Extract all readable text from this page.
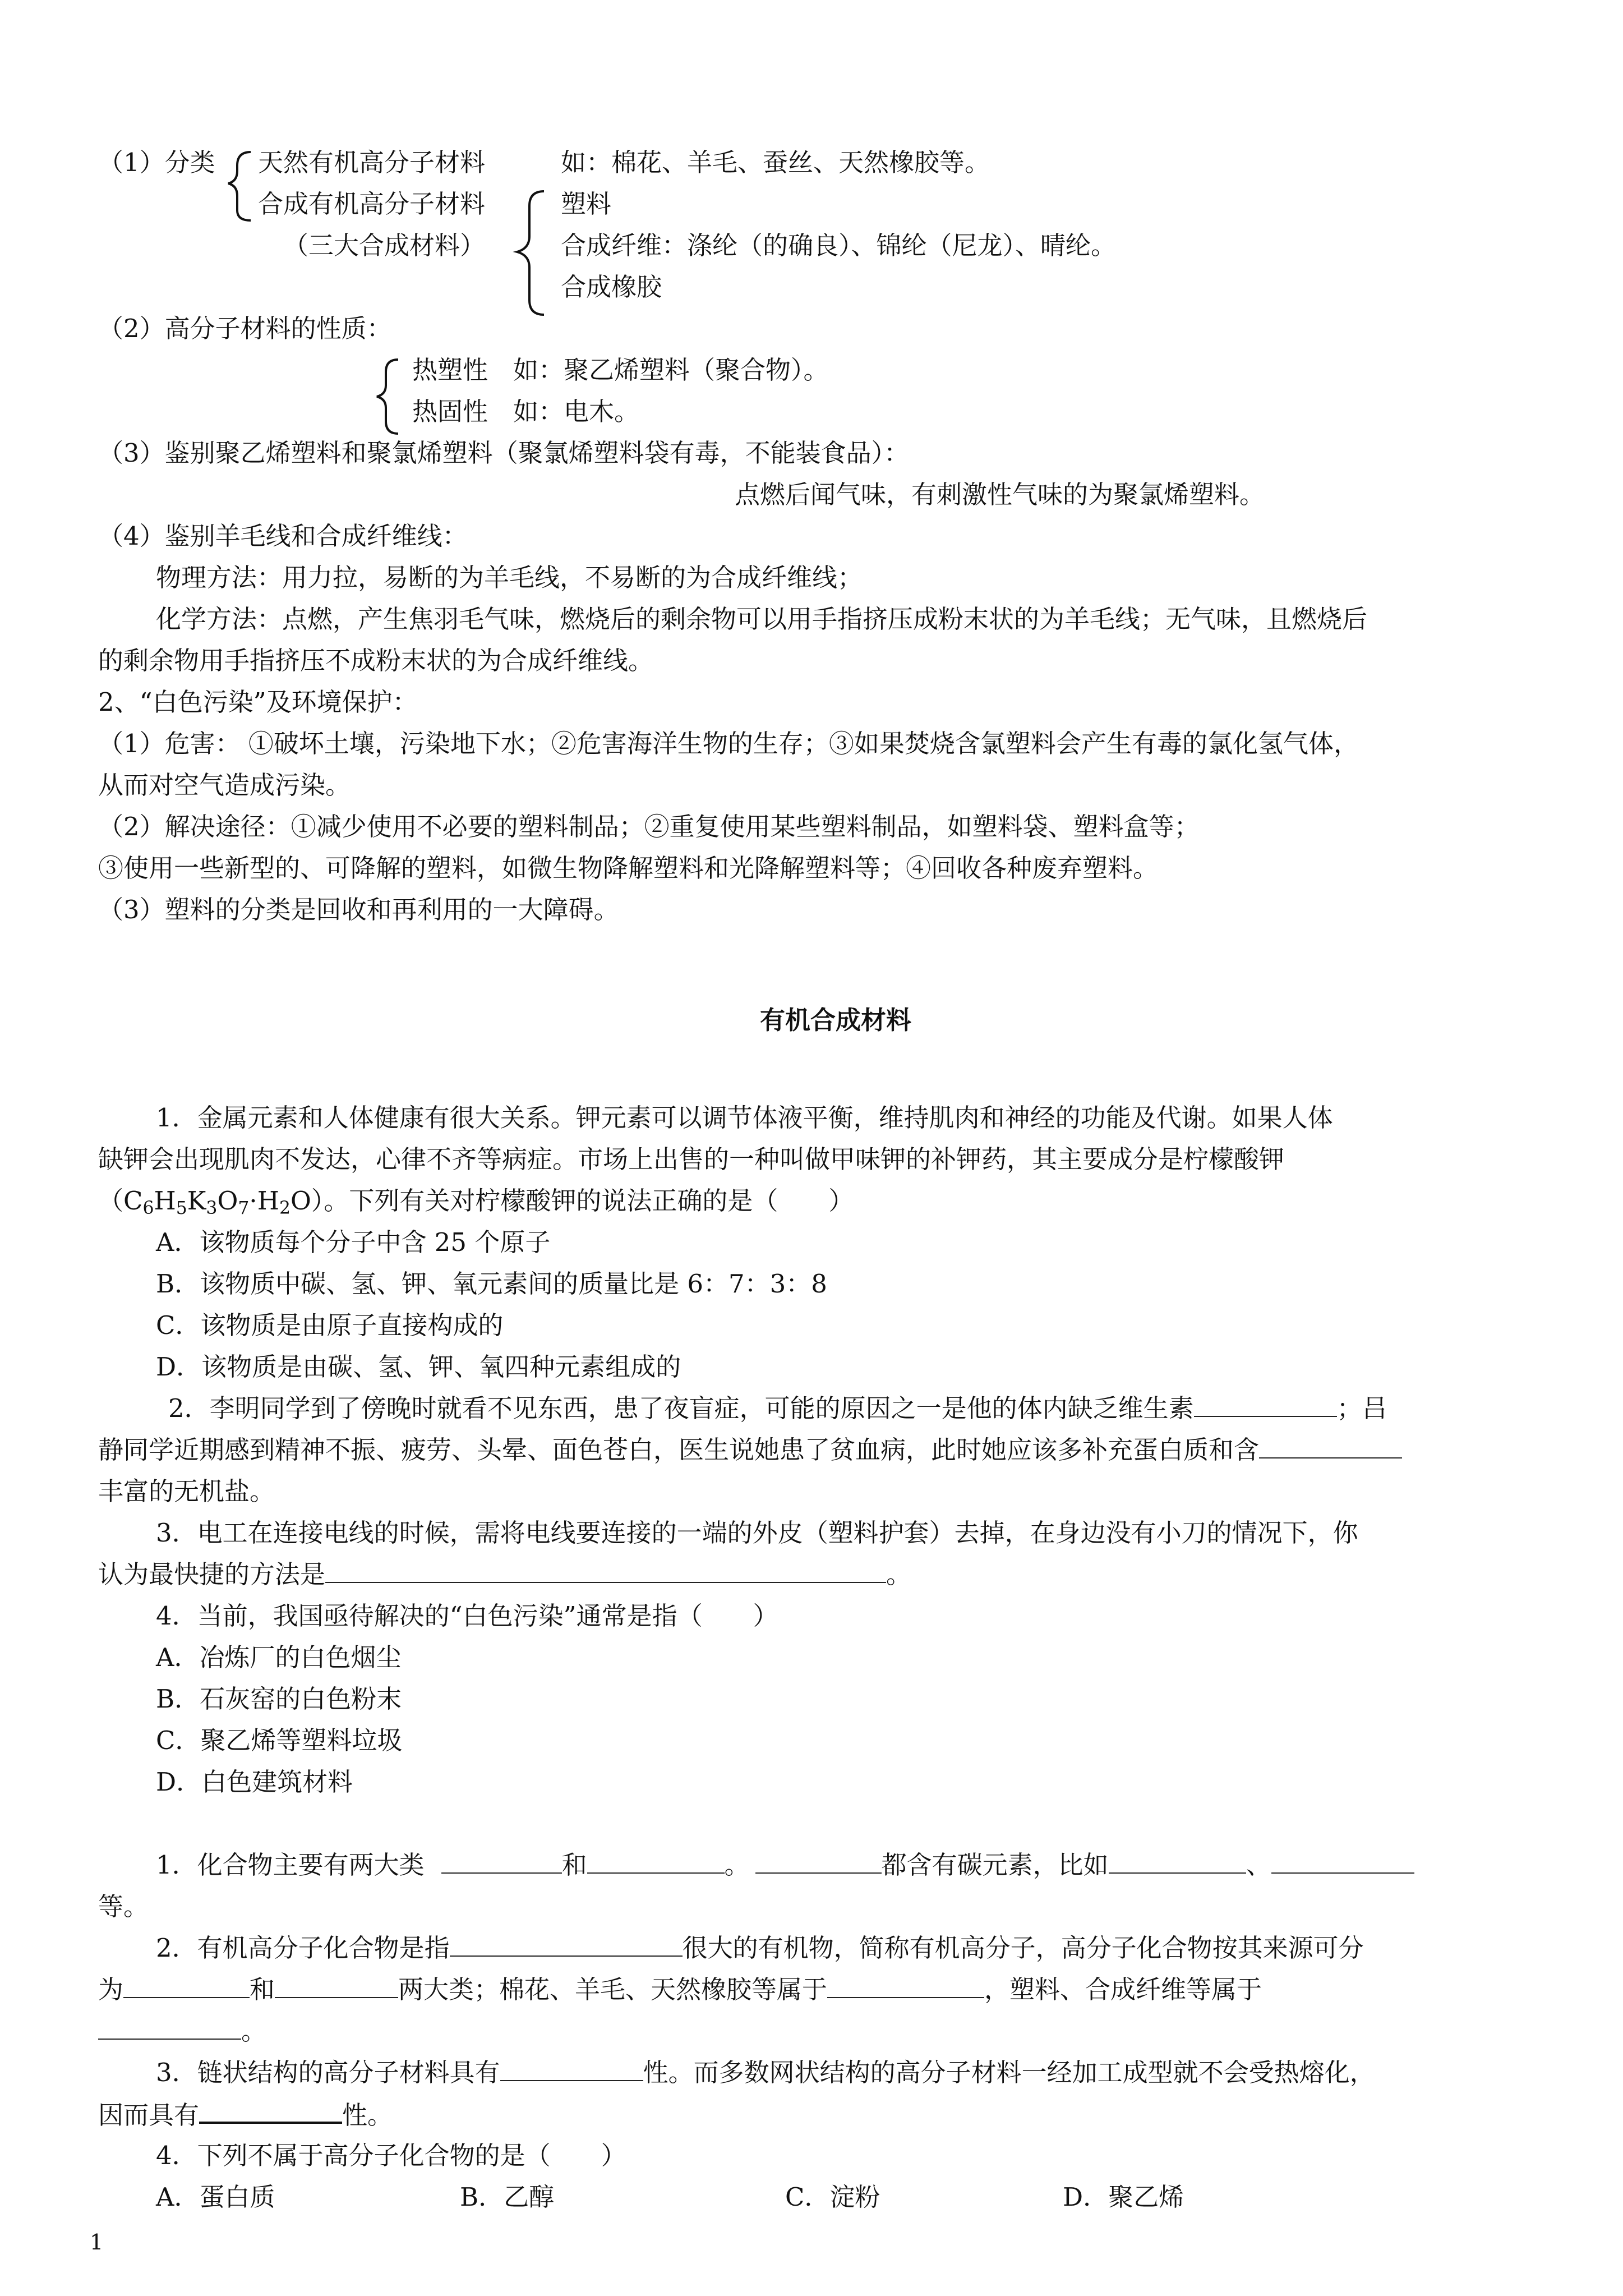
（1）分类 天然有机高分子材料	如：棉花、羊毛、蚕丝、天然橡胶等。
合成有机高分子材料
（三大合成材料）
塑料
合成纤维：涤纶（的确良）、锦纶（尼龙）、晴纶。
合成橡胶
（2）高分子材料的性质：
热塑性　如：聚乙烯塑料（聚合物）。
热固性　如：电木。
（3）鉴别聚乙烯塑料和聚氯烯塑料（聚氯烯塑料袋有毒，不能装食品）：
点燃后闻气味，有刺激性气味的为聚氯烯塑料。
（4）鉴别羊毛线和合成纤维线：
物理方法：用力拉，易断的为羊毛线，不易断的为合成纤维线；
化学方法：点燃，产生焦羽毛气味，燃烧后的剩余物可以用手指挤压成粉末状的为羊毛线；无气味，且燃烧后
的剩余物用手指挤压不成粉末状的为合成纤维线。
2、“白色污染”及环境保护：
（1）危害： ①破坏土壤，污染地下水；②危害海洋生物的生存；③如果焚烧含氯塑料会产生有毒的氯化氢气体，
从而对空气造成污染。
（2）解决途径：①减少使用不必要的塑料制品；②重复使用某些塑料制品，如塑料袋、塑料盒等；
③使用一些新型的、可降解的塑料，如微生物降解塑料和光降解塑料等；④回收各种废弃塑料。
（3）塑料的分类是回收和再利用的一大障碍。
有机合成材料
1．金属元素和人体健康有很大关系。钾元素可以调节体液平衡，维持肌肉和神经的功能及代谢。如果人体
缺钾会出现肌肉不发达，心律不齐等病症。市场上出售的一种叫做甲味钾的补钾药，其主要成分是柠檬酸钾
$(C_6H_5K_3O_7\cdot H_2O)$。下列有关对柠檬酸钾的说法正确的是（　　）
A．该物质每个分子中含 25 个原子
B．该物质中碳、氢、钾、氧元素间的质量比是 6：7：3：8
C．该物质是由原子直接构成的
D．该物质是由碳、氢、钾、氧四种元素组成的
2．李明同学到了傍晚时就看不见东西，患了夜盲症，可能的原因之一是他的体内缺乏维生素	；吕
静同学近期感到精神不振、疲劳、头晕、面色苍白，医生说她患了贫血病，此时她应该多补充蛋白质和含
丰富的无机盐。
3．电工在连接电线的时候，需将电线要连接的一端的外皮（塑料护套）去掉，在身边没有小刀的情况下，你
认为最快捷的方法是	。
4．当前，我国亟待解决的“白色污染”通常是指（　　）
A．冶炼厂的白色烟尘
B．石灰窑的白色粉末
C．聚乙烯等塑料垃圾
D．白色建筑材料
1．化合物主要有两大类	和	。	都含有碳元素，比如	、
等。
2．有机高分子化合物是指	很大的有机物，简称有机高分子，高分子化合物按其来源可分
为	和	两大类；棉花、羊毛、天然橡胶等属于	，塑料、合成纤维等属于
。
3．链状结构的高分子材料具有	性。而多数网状结构的高分子材料一经加工成型就不会受热熔化，
因而具有	性。
4．下列不属于高分子化合物的是（　　）
A．蛋白质	B．乙醇	C．淀粉	D．聚乙烯
1
